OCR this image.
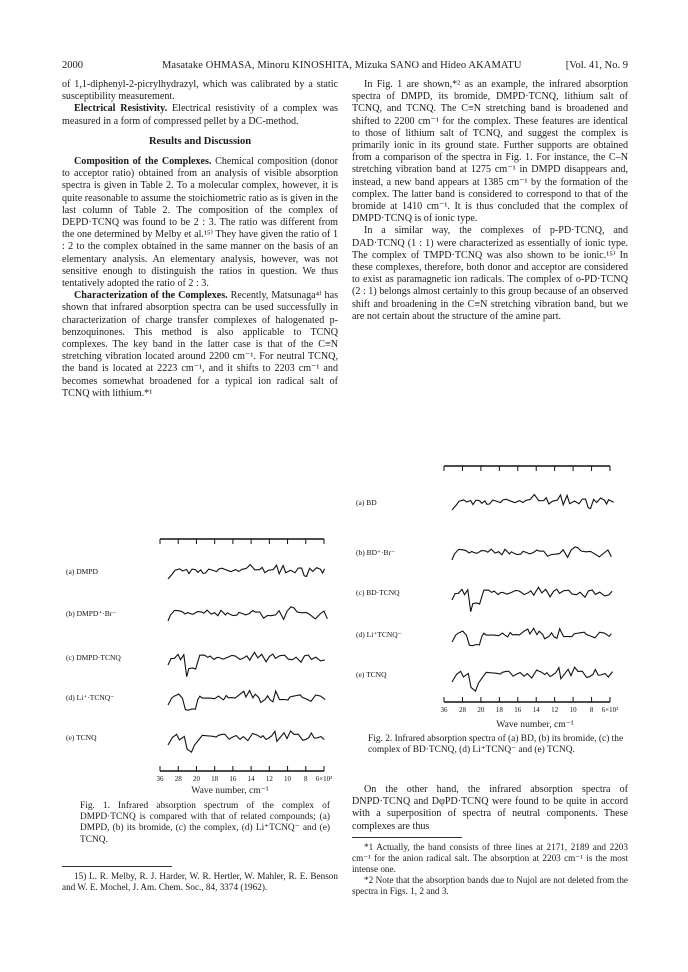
2000	Masatake OHMASA, Minoru KINOSHITA, Mizuka SANO and Hideo AKAMATU	[Vol. 41, No. 9

of 1,1-diphenyl-2-picrylhydrazyl, which was calibrated by a static susceptibility measurement.

Electrical Resistivity. Electrical resistivity of a complex was measured in a form of compressed pellet by a DC-method.

Results and Discussion

Composition of the Complexes. Chemical composition (donor to acceptor ratio) obtained from an analysis of visible absorption spectra is given in Table 2. To a molecular complex, however, it is quite reasonable to assume the stoichiometric ratio as is given in the last column of Table 2. The composition of the complex of DEPD·TCNQ was found to be 2 : 3. The ratio was different from the one determined by Melby et al.¹⁵⁾ They have given the ratio of 1 : 2 to the complex obtained in the same manner on the basis of an elementary analysis. An elementary analysis, however, was not sensitive enough to distinguish the ratios in question. We thus tentatively adopted the ratio of 2 : 3.

Characterization of the Complexes. Recently, Matsunaga⁴⁾ has shown that infrared absorption spectra can be used successfully in characterization of charge transfer complexes of halogenated p-benzoquinones. This method is also applicable to TCNQ complexes. The key band in the latter case is that of the C≡N stretching vibration located around 2200 cm⁻¹. For neutral TCNQ, the band is located at 2223 cm⁻¹, and it shifts to 2203 cm⁻¹ and becomes somewhat broadened for a typical ion radical salt of TCNQ with lithium.*¹

(a) DMPD
(b) DMPD⁺·Br⁻
(c) DMPD·TCNQ
(d) Li⁺·TCNQ⁻
(e) TCNQ
36 28 20 18 16 14 12 10 8 6×10²
Wave number, cm⁻¹
Fig. 1. Infrared absorption spectrum of the complex of DMPD·TCNQ is compared with that of related compounds; (a) DMPD, (b) its bromide, (c) the complex, (d) Li⁺TCNQ⁻ and (e) TCNQ.

15) L. R. Melby, R. J. Harder, W. R. Hertler, W. Mahler, R. E. Benson and W. E. Mochel, J. Am. Chem. Soc., 84, 3374 (1962).

In Fig. 1 are shown,*² as an example, the infrared absorption spectra of DMPD, its bromide, DMPD·TCNQ, lithium salt of TCNQ, and TCNQ. The C≡N stretching band is broadened and shifted to 2200 cm⁻¹ for the complex. These features are identical to those of lithium salt of TCNQ, and suggest the complex is primarily ionic in its ground state. Further supports are obtained from a comparison of the spectra in Fig. 1. For instance, the C–N stretching vibration band at 1275 cm⁻¹ in DMPD disappears and, instead, a new band appears at 1385 cm⁻¹ by the formation of the complex. The latter band is considered to correspond to that of the bromide at 1410 cm⁻¹. It is thus concluded that the complex of DMPD·TCNQ is of ionic type.

In a similar way, the complexes of p-PD·TCNQ, and DAD·TCNQ (1 : 1) were characterized as essentially of ionic type. The complex of TMPD·TCNQ was also shown to be ionic.¹⁵⁾ In these complexes, therefore, both donor and acceptor are considered to exist as paramagnetic ion radicals. The complex of o-PD·TCNQ (2 : 1) belongs almost certainly to this group because of an observed shift and broadening in the C≡N stretching vibration band, but we are not certain about the structure of the amine part.

(a) BD
(b) BD⁺·Br⁻
(c) BD·TCNQ
(d) Li⁺TCNQ⁻
(e) TCNQ
36 28 20 18 16 14 12 10 8 6×10²
Wave number, cm⁻¹
Fig. 2. Infrared absorption spectra of (a) BD, (b) its bromide, (c) the complex of BD·TCNQ, (d) Li⁺TCNQ⁻ and (e) TCNQ.

On the other hand, the infrared absorption spectra of DNPD·TCNQ and DφPD·TCNQ were found to be quite in accord with a superposition of spectra of neutral components. These complexes are thus

*1 Actually, the band consists of three lines at 2171, 2189 and 2203 cm⁻¹ for the anion radical salt. The absorption at 2203 cm⁻¹ is the most intense one.

*2 Note that the absorption bands due to Nujol are not deleted from the spectra in Figs. 1, 2 and 3.
